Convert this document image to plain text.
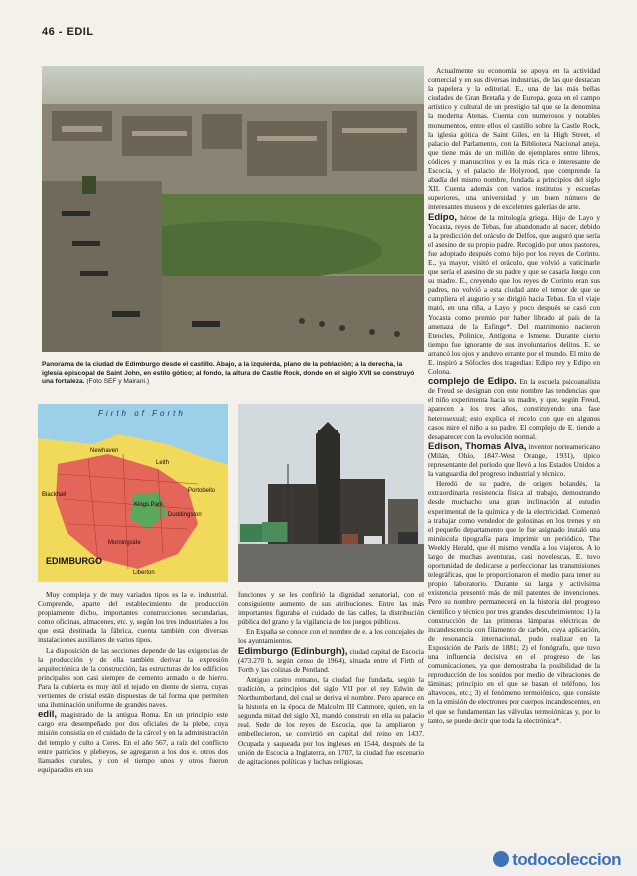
46 - EDIL
Panorama de la ciudad de Edimburgo desde el castillo. Abajo, a la izquierda, plano de la población; a la derecha, la iglesia episcopal de Saint John, en estilo gótico; al fondo, la altura de Castle Rock, donde en el siglo XVII se construyó una fortaleza. (Foto SEF y Mairani.)
Firth of Forth
Newhaven
Leith
Portobello
Blackhall
Kings Park
Duddingston
Morningside
Liberton
EDIMBURGO

Actualmente su economía se apoya en la actividad comercial y en sus diversas industrias, de las que destacan la papelera y la editorial. E., una de las más bellas ciudades de Gran Bretaña y de Europa, goza en el campo artístico y cultural de un prestigio tal que se la denomina la moderna Atenas. Cuenta con numerosos y notables monumentos, entre ellos el castillo sobre la Castle Rock, la iglesia gótica de Saint Giles, en la High Street, el palacio del Parlamento, con la Biblioteca Nacional aneja, que tiene más de un millón de ejemplares entre libros, códices y manuscritos y es la más rica e interesante de Escocia, y el palacio de Holyrood, que comprende la abadía del mismo nombre, fundada a principios del siglo XII. Cuenta además con varios institutos y escuelas superiores, una universidad y un buen número de interesantes museos y de excelentes galerías de arte.

Edipo, héroe de la mitología griega. Hijo de Layo y Yocasta, reyes de Tebas, fue abandonado al nacer, debido a la predicción del oráculo de Delfos, que auguró que sería el asesino de su propio padre. Recogido por unos pastores, fue adoptado después como hijo por los reyes de Corinto. E., ya mayor, visitó el oráculo, que volvió a vaticinarle que sería el asesino de su padre y que se casaría luego con su madre. E., creyendo que los reyes de Corinto eran sus padres, no volvió a esta ciudad ante el temor de que se cumpliera el augurio y se dirigió hacia Tebas. En el viaje mató, en una riña, a Layo y poco después se casó con Yocasta como premio por haber librado al país de la amenaza de la Esfinge*. Del matrimonio nacieron Eteocles, Polinice, Antígona e Ismene. Durante cierto tiempo fue ignorante de sus involuntarios delitos. E. se arrancó los ojos y anduvo errante por el mundo. El mito de E. inspiró a Sófocles dos tragedias: Edipo rey y Edipo en Colona.

complejo de Edipo. En la escuela psicoanalista de Freud se designan con este nombre las tendencias que el niño experimenta hacia su madre, y que, según Freud, aparecen a los tres años, constituyendo una fase heterosexual; esto explica el recelo con que en algunos casos mire el niño a su padre. El complejo de E. tiende a desaparecer con la evolución normal.

Edison, Thomas Alva, inventor norteamericano (Milán, Ohio, 1847-West Orange, 1931), típico representante del período que llevó a los Estados Unidos a la vanguardia del progreso industrial y técnico.

Heredó de su padre, de origen holandés, la extraordinaria resistencia física al trabajo, demostrando desde muchacho una gran inclinación al estudio experimental de la química y de la electricidad. Comenzó a trabajar como vendedor de golosinas en los trenes y en el pequeño departamento que le fue asignado instaló una minúscula tipografía para imprimir un periódico, The Weekly Herald, que él mismo vendía a los viajeros. A lo largo de muchas aventuras, casi novelescas, E. tuvo oportunidad de dedicarse a perfeccionar las transmisiones telegráficas, que le proporcionaron el medio para tener su propio laboratorio. Durante su larga y activísima existencia presentó más de mil patentes de invenciones. Pero su nombre permanecerá en la historia del progreso científico y técnico por tres grandes descubrimientos: 1) la construcción de las primeras lámparas eléctricas de incandescencia con filamento de carbón, cuya aplicación, de resonancia internacional, pudo realizar en la Exposición de París de 1881; 2) el fonógrafo, que tuvo una influencia decisiva en el progreso de las comunicaciones, ya que demostraba la posibilidad de la reproducción de los sonidos por medio de vibraciones de láminas; principio en el que se basan el teléfono, los altavoces, etc.; 3) el fenómeno termoiónico, que consiste en la emisión de electrones por cuerpos incandescentes, en el que se fundamentan las válvulas termoiónicas y, por lo tanto, se puede decir que toda la electrónica*.

Muy compleja y de muy variados tipos es la e. industrial. Comprende, aparte del establecimiento de producción propiamente dicho, importantes construcciones secundarias, como oficinas, almacenes, etc. y, según los tres industriales a los que está destinada la fábrica, cuenta también con diversas instalaciones auxiliares de varios tipos.

La disposición de las secciones depende de las exigencias de la producción y de ella también derivar la expresión arquitectónica de la construcción, las estructuras de los edificios principales son casi siempre de cemento armado o de hierro. Para la cubierta es muy útil el tejado en diente de sierra, cuyas vertientes de cristal están dispuestas de tal forma que permiten una iluminación uniforme de grandes naves.

edil, magistrado de la antigua Roma. En un principio este cargo era desempeñado por dos oficiales de la plebe, cuya misión consistía en el cuidado de la cárcel y en la administración del templo y culto a Ceres. En el año 567, a raíz del conflicto entre patricios y plebeyos, se agregaron a los dos e. otros dos llamados curules, y con el tiempo unos y otros fueron equiparados en sus

funciones y se les confirió la dignidad senatorial, con el consiguiente aumento de sus atribuciones. Entre las más importantes figuraba el cuidado de las calles, la distribución pública del grano y la vigilancia de los juegos públicos.

En España se conoce con el nombre de e. a los concejales de los ayuntamientos.

Edimburgo (Edinburgh), ciudad capital de Escocia (473.270 h. según censo de 1964), situada entre el Firth of Forth y las colinas de Pentland.

Antiguo castro romano, la ciudad fue fundada, según la tradición, a principios del siglo VII por el rey Edwin de Northumberland, del cual se deriva el nombre. Pero aparece en la historia en la época de Malcolm III Canmore, quien, en la segunda mitad del siglo XI, mandó construir en ella su palacio real. Sede de los reyes de Escocia, que la ampliaron y embellecieron, se convirtió en capital del reino en 1437. Ocupada y saqueada por los ingleses en 1544, después de la unión de Escocia a Inglaterra, en 1707, la ciudad fue escenario de agitaciones políticas y luchas religiosas.

todocoleccion
